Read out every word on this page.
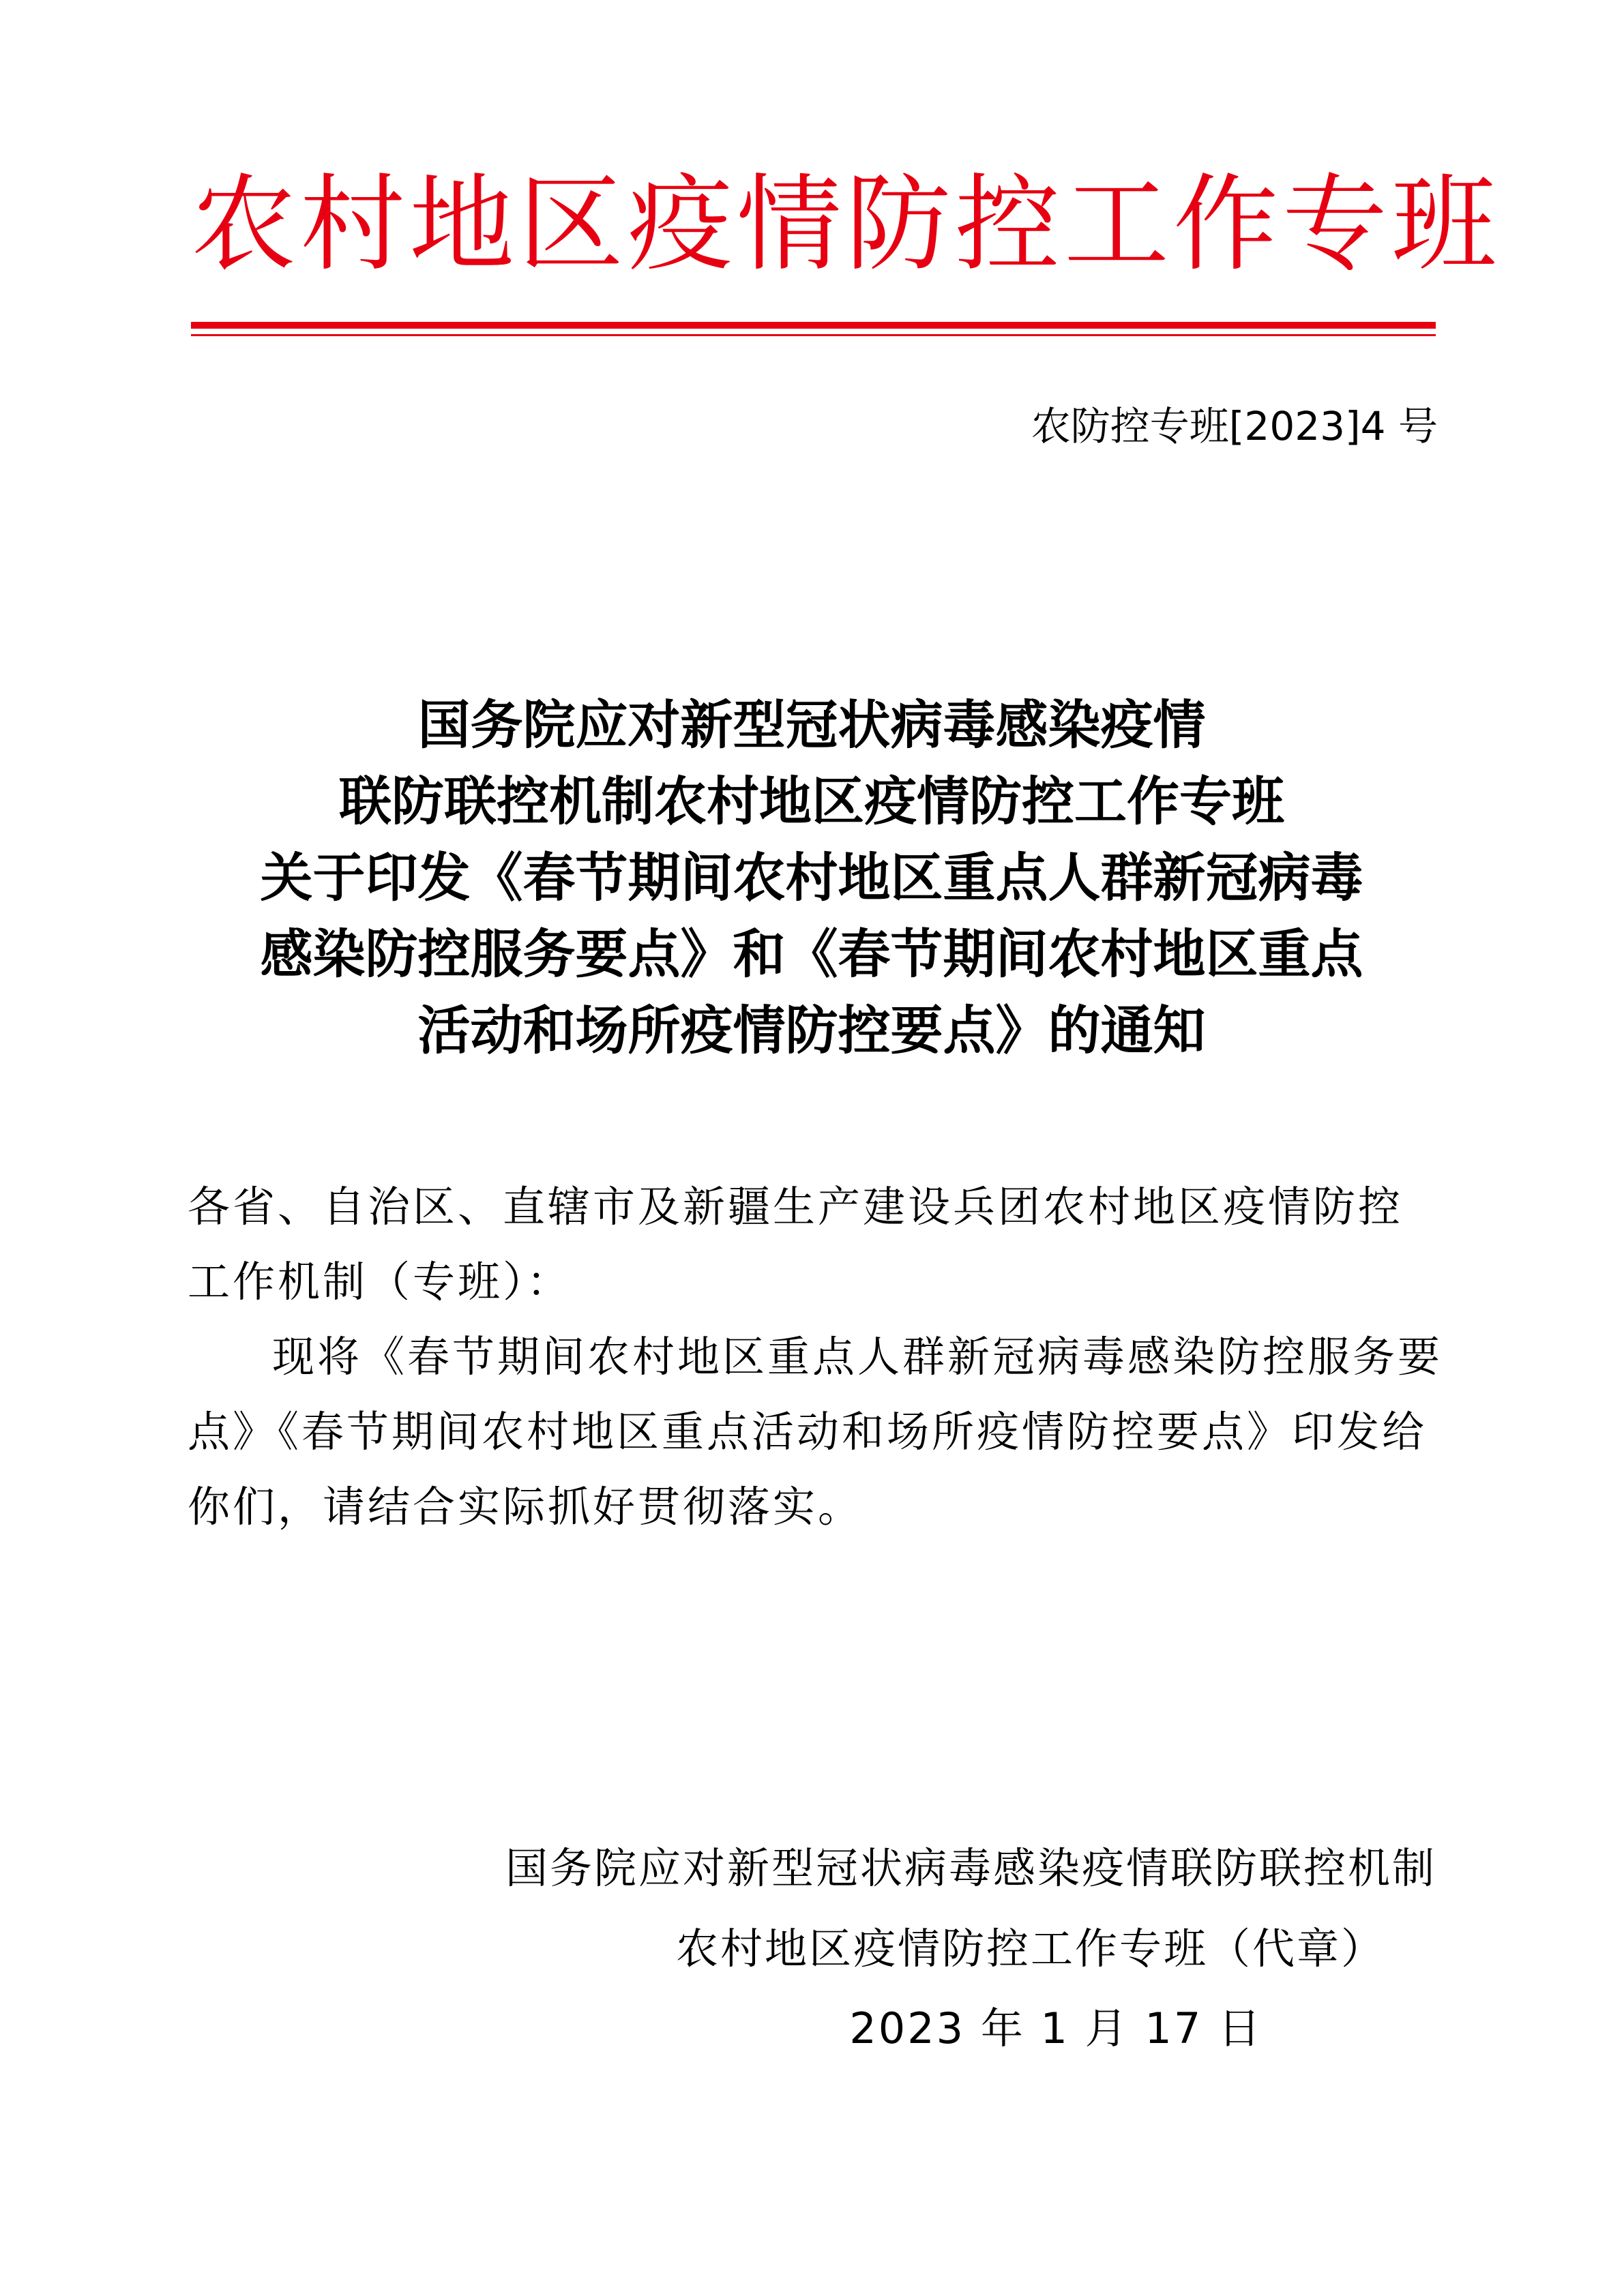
农村地区疫情防控工作专班
农防控专班[2023]4 号
国务院应对新型冠状病毒感染疫情
联防联控机制农村地区疫情防控工作专班
关于印发《春节期间农村地区重点人群新冠病毒
感染防控服务要点》和《春节期间农村地区重点
活动和场所疫情防控要点》的通知

各省、自治区、直辖市及新疆生产建设兵团农村地区疫情防控工作机制（专班）：

现将《春节期间农村地区重点人群新冠病毒感染防控服务要点》《春节期间农村地区重点活动和场所疫情防控要点》印发给你们，请结合实际抓好贯彻落实。

国务院应对新型冠状病毒感染疫情联防联控机制
农村地区疫情防控工作专班（代章）
2023 年 1 月 17 日
